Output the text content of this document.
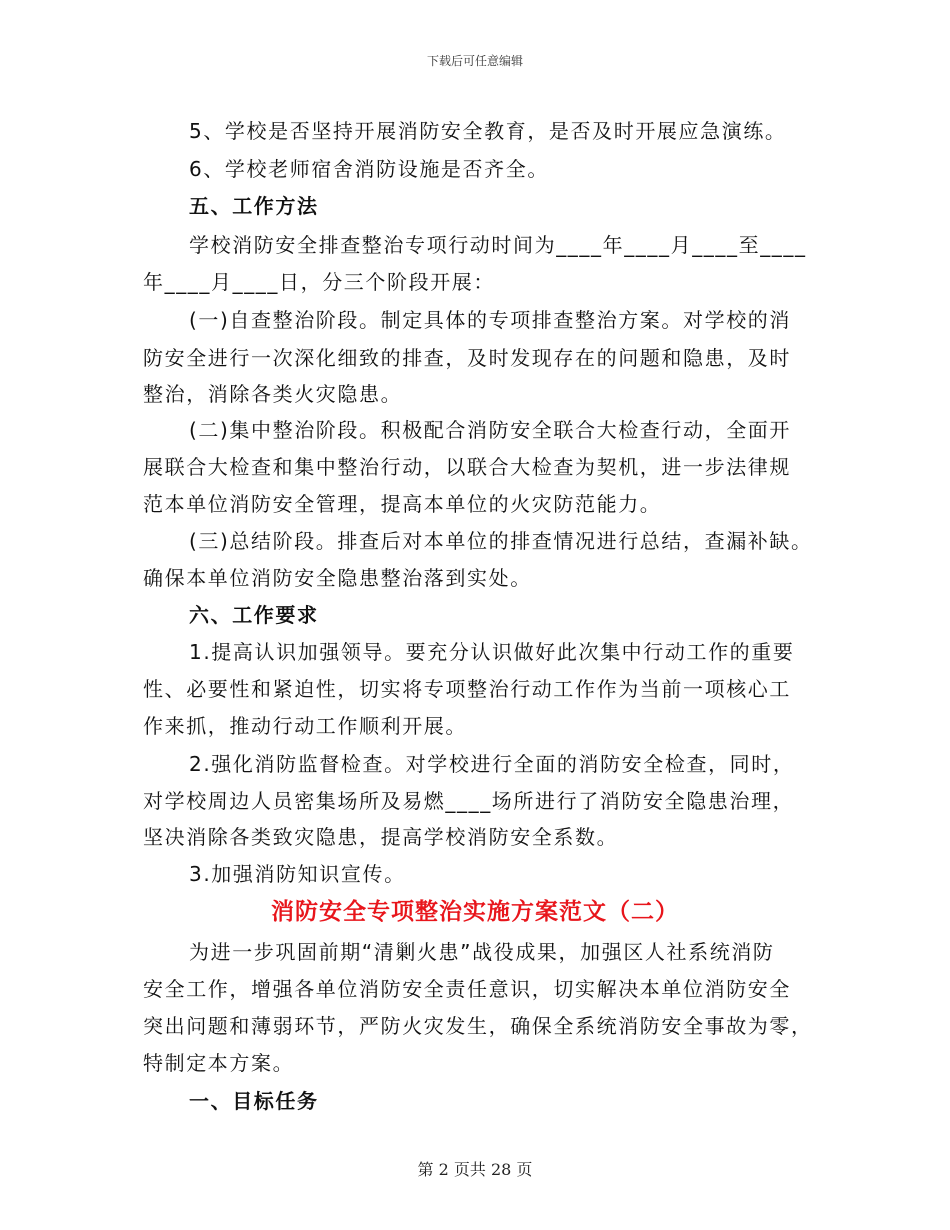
下载后可任意编辑
5、学校是否坚持开展消防安全教育，是否及时开展应急演练。
6、学校老师宿舍消防设施是否齐全。
五、工作方法
学校消防安全排查整治专项行动时间为____年____月____至____
年____月____日，分三个阶段开展：
(一)自查整治阶段。制定具体的专项排查整治方案。对学校的消
防安全进行一次深化细致的排查，及时发现存在的问题和隐患，及时
整治，消除各类火灾隐患。
(二)集中整治阶段。积极配合消防安全联合大检查行动，全面开
展联合大检查和集中整治行动，以联合大检查为契机，进一步法律规
范本单位消防安全管理，提高本单位的火灾防范能力。
(三)总结阶段。排查后对本单位的排查情况进行总结，查漏补缺。
确保本单位消防安全隐患整治落到实处。
六、工作要求
1.提高认识加强领导。要充分认识做好此次集中行动工作的重要
性、必要性和紧迫性，切实将专项整治行动工作作为当前一项核心工
作来抓，推动行动工作顺利开展。
2.强化消防监督检查。对学校进行全面的消防安全检查，同时，
对学校周边人员密集场所及易燃____场所进行了消防安全隐患治理，
坚决消除各类致灾隐患，提高学校消防安全系数。
3.加强消防知识宣传。
消防安全专项整治实施方案范文（二）
为进一步巩固前期“清剿火患”战役成果，加强区人社系统消防
安全工作，增强各单位消防安全责任意识，切实解决本单位消防安全
突出问题和薄弱环节，严防火灾发生，确保全系统消防安全事故为零，
特制定本方案。
一、目标任务
第 2 页共 28 页
